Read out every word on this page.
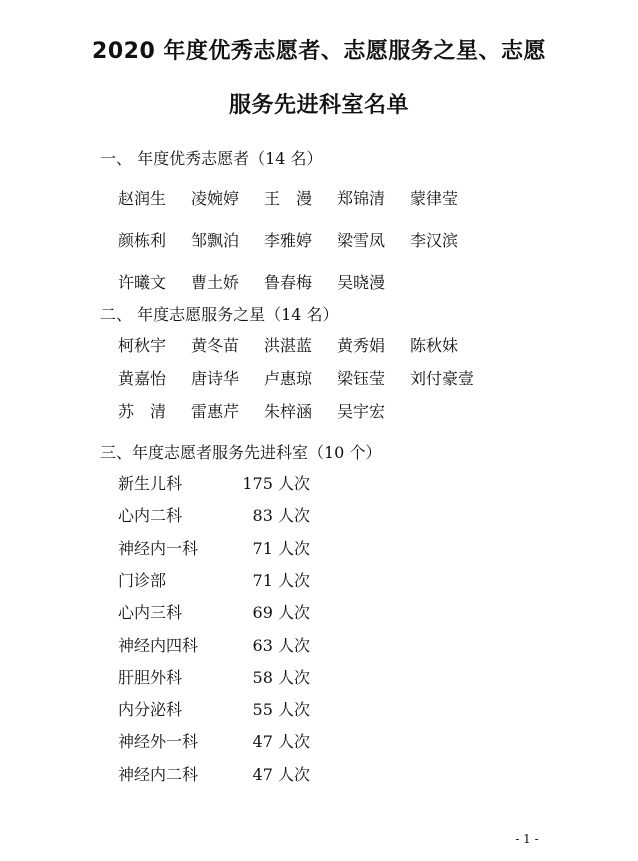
2020 年度优秀志愿者、志愿服务之星、志愿
服务先进科室名单
一、 年度优秀志愿者（14 名）
赵润生 凌婉婷 王　漫 郑锦清 蒙律莹
颜栋利 邹飘泊 李雅婷 梁雪凤 李汉滨
许曦文 曹土娇 鲁春梅 吴晓漫
二、 年度志愿服务之星（14 名）
柯秋宇 黄冬苗 洪湛蓝 黄秀娟 陈秋妹
黄嘉怡 唐诗华 卢惠琼 梁钰莹 刘付豪壹
苏　清 雷惠芹 朱梓涵 吴宇宏
三、年度志愿者服务先进科室（10 个）
新生儿科	175 人次
心内二科	83 人次
神经内一科	71 人次
门诊部	71 人次
心内三科	69 人次
神经内四科	63 人次
肝胆外科	58 人次
内分泌科	55 人次
神经外一科	47 人次
神经内二科	47 人次
- 1 -
